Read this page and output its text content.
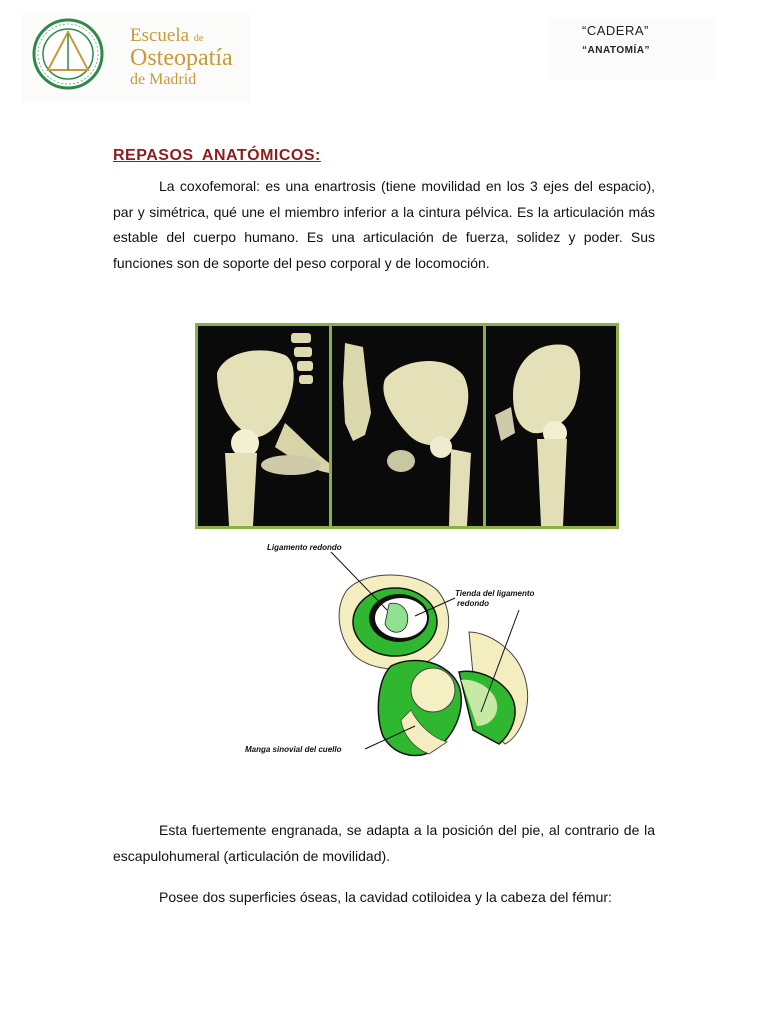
Escuela de
Osteopatía
de Madrid
“CADERA”
“ANATOMÍA”
REPASOS ANATÓMICOS:

La coxofemoral: es una enartrosis (tiene movilidad en los 3 ejes del espacio), par y simétrica, qué une el miembro inferior a la cintura pélvica. Es la articulación más estable del cuerpo humano. Es una articulación de fuerza, solidez y poder. Sus funciones son de soporte del peso corporal y de locomoción.

Ligamento redondo
Tienda del ligamento
redondo
Manga sinovial del cuello

Esta fuertemente engranada, se adapta a la posición del pie, al contrario de la escapulohumeral (articulación de movilidad).

Posee dos superficies óseas, la cavidad cotiloidea y la cabeza del fémur:
